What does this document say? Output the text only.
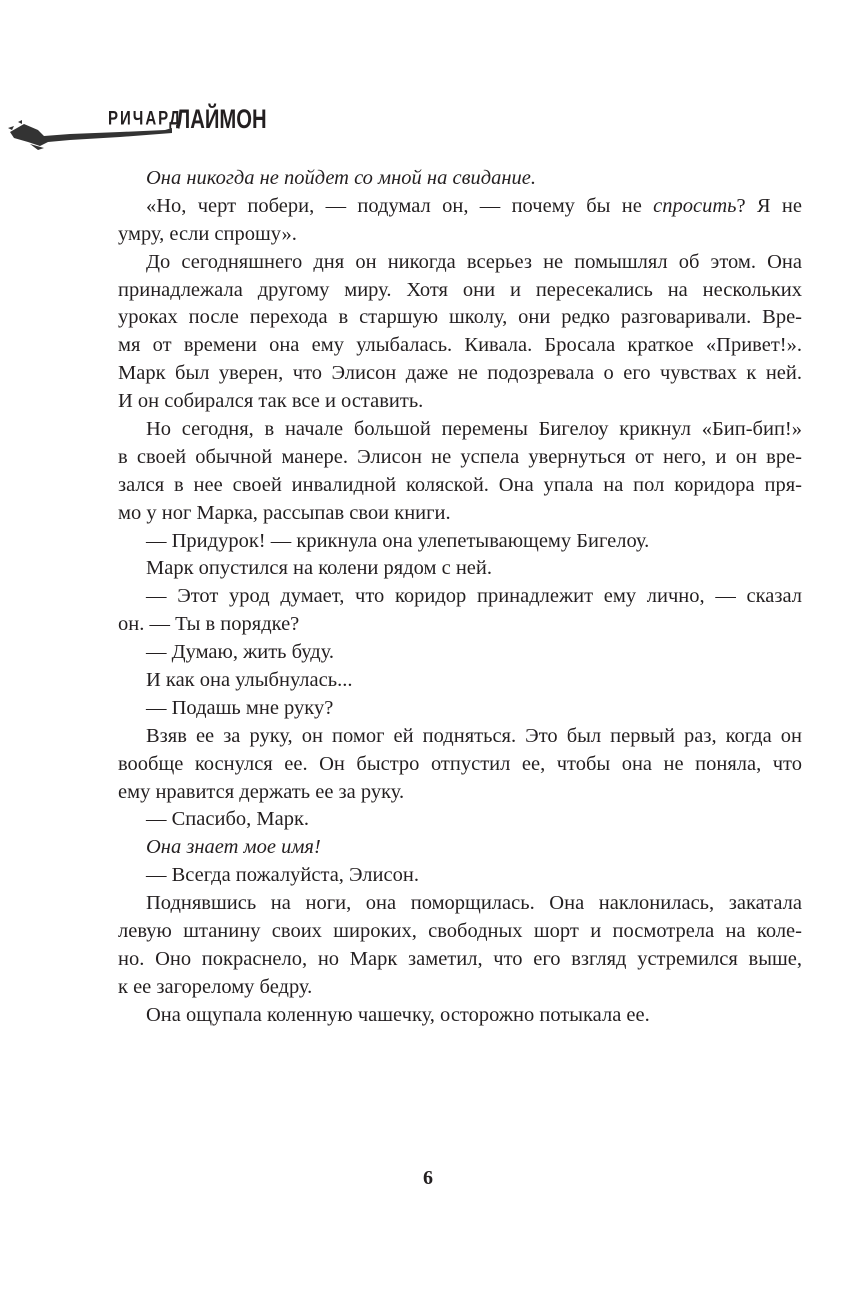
РИЧАРД
ЛАЙМОН
Она никогда не пойдет со мной на свидание.
«Но, черт побери, — подумал он, — почему бы не спросить? Я не
умру, если спрошу».
До сегодняшнего дня он никогда всерьез не помышлял об этом. Она
принадлежала другому миру. Хотя они и пересекались на нескольких
уроках после перехода в старшую школу, они редко разговаривали. Вре-
мя от времени она ему улыбалась. Кивала. Бросала краткое «Привет!».
Марк был уверен, что Элисон даже не подозревала о его чувствах к ней.
И он собирался так все и оставить.
Но сегодня, в начале большой перемены Бигелоу крикнул «Бип-бип!»
в своей обычной манере. Элисон не успела увернуться от него, и он вре-
зался в нее своей инвалидной коляской. Она упала на пол коридора пря-
мо у ног Марка, рассыпав свои книги.
— Придурок! — крикнула она улепетывающему Бигелоу.
Марк опустился на колени рядом с ней.
— Этот урод думает, что коридор принадлежит ему лично, — сказал
он. — Ты в порядке?
— Думаю, жить буду.
И как она улыбнулась...
— Подашь мне руку?
Взяв ее за руку, он помог ей подняться. Это был первый раз, когда он
вообще коснулся ее. Он быстро отпустил ее, чтобы она не поняла, что
ему нравится держать ее за руку.
— Спасибо, Марк.
Она знает мое имя!
— Всегда пожалуйста, Элисон.
Поднявшись на ноги, она поморщилась. Она наклонилась, закатала
левую штанину своих широких, свободных шорт и посмотрела на коле-
но. Оно покраснело, но Марк заметил, что его взгляд устремился выше,
к ее загорелому бедру.
Она ощупала коленную чашечку, осторожно потыкала ее.
6
